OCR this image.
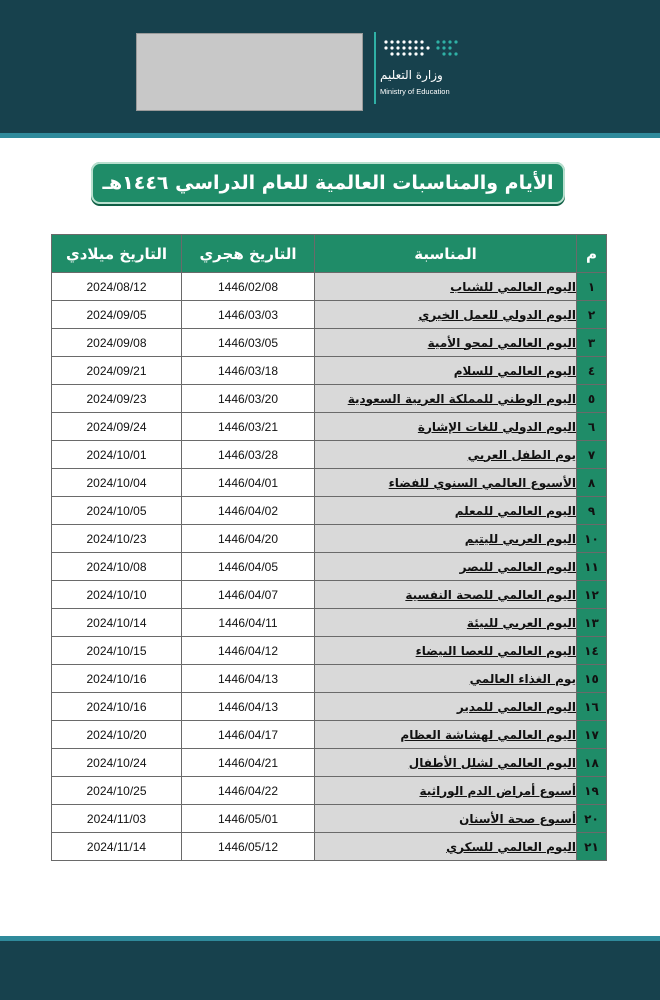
وزارة التعليم
Ministry of Education
الأيام والمناسبات العالمية للعام الدراسي ١٤٤٦هـ
التاريخ ميلادي	التاريخ هجري	المناسبة	م
2024/08/12	1446/02/08	اليوم العالمي للشباب	١
2024/09/05	1446/03/03	اليوم الدولي للعمل الخيري	٢
2024/09/08	1446/03/05	اليوم العالمي لمحو الأمية	٣
2024/09/21	1446/03/18	اليوم العالمي للسلام	٤
2024/09/23	1446/03/20	اليوم الوطني للمملكة العربية السعودية	٥
2024/09/24	1446/03/21	اليوم الدولي للغات الإشارة	٦
2024/10/01	1446/03/28	يوم الطفل العربي	٧
2024/10/04	1446/04/01	الأسبوع العالمي السنوي للفضاء	٨
2024/10/05	1446/04/02	اليوم العالمي للمعلم	٩
2024/10/23	1446/04/20	اليوم العربي لليتيم	١٠
2024/10/08	1446/04/05	اليوم العالمي للبصر	١١
2024/10/10	1446/04/07	اليوم العالمي للصحة النفسية	١٢
2024/10/14	1446/04/11	اليوم العربي للبيئة	١٣
2024/10/15	1446/04/12	اليوم العالمي للعصا البيضاء	١٤
2024/10/16	1446/04/13	يوم الغذاء العالمي	١٥
2024/10/16	1446/04/13	اليوم العالمي للمدير	١٦
2024/10/20	1446/04/17	اليوم العالمي لهشاشة العظام	١٧
2024/10/24	1446/04/21	اليوم العالمي لشلل الأطفال	١٨
2024/10/25	1446/04/22	أسبوع أمراض الدم الوراثية	١٩
2024/11/03	1446/05/01	أسبوع صحة الأسنان	٢٠
2024/11/14	1446/05/12	اليوم العالمي للسكري	٢١
